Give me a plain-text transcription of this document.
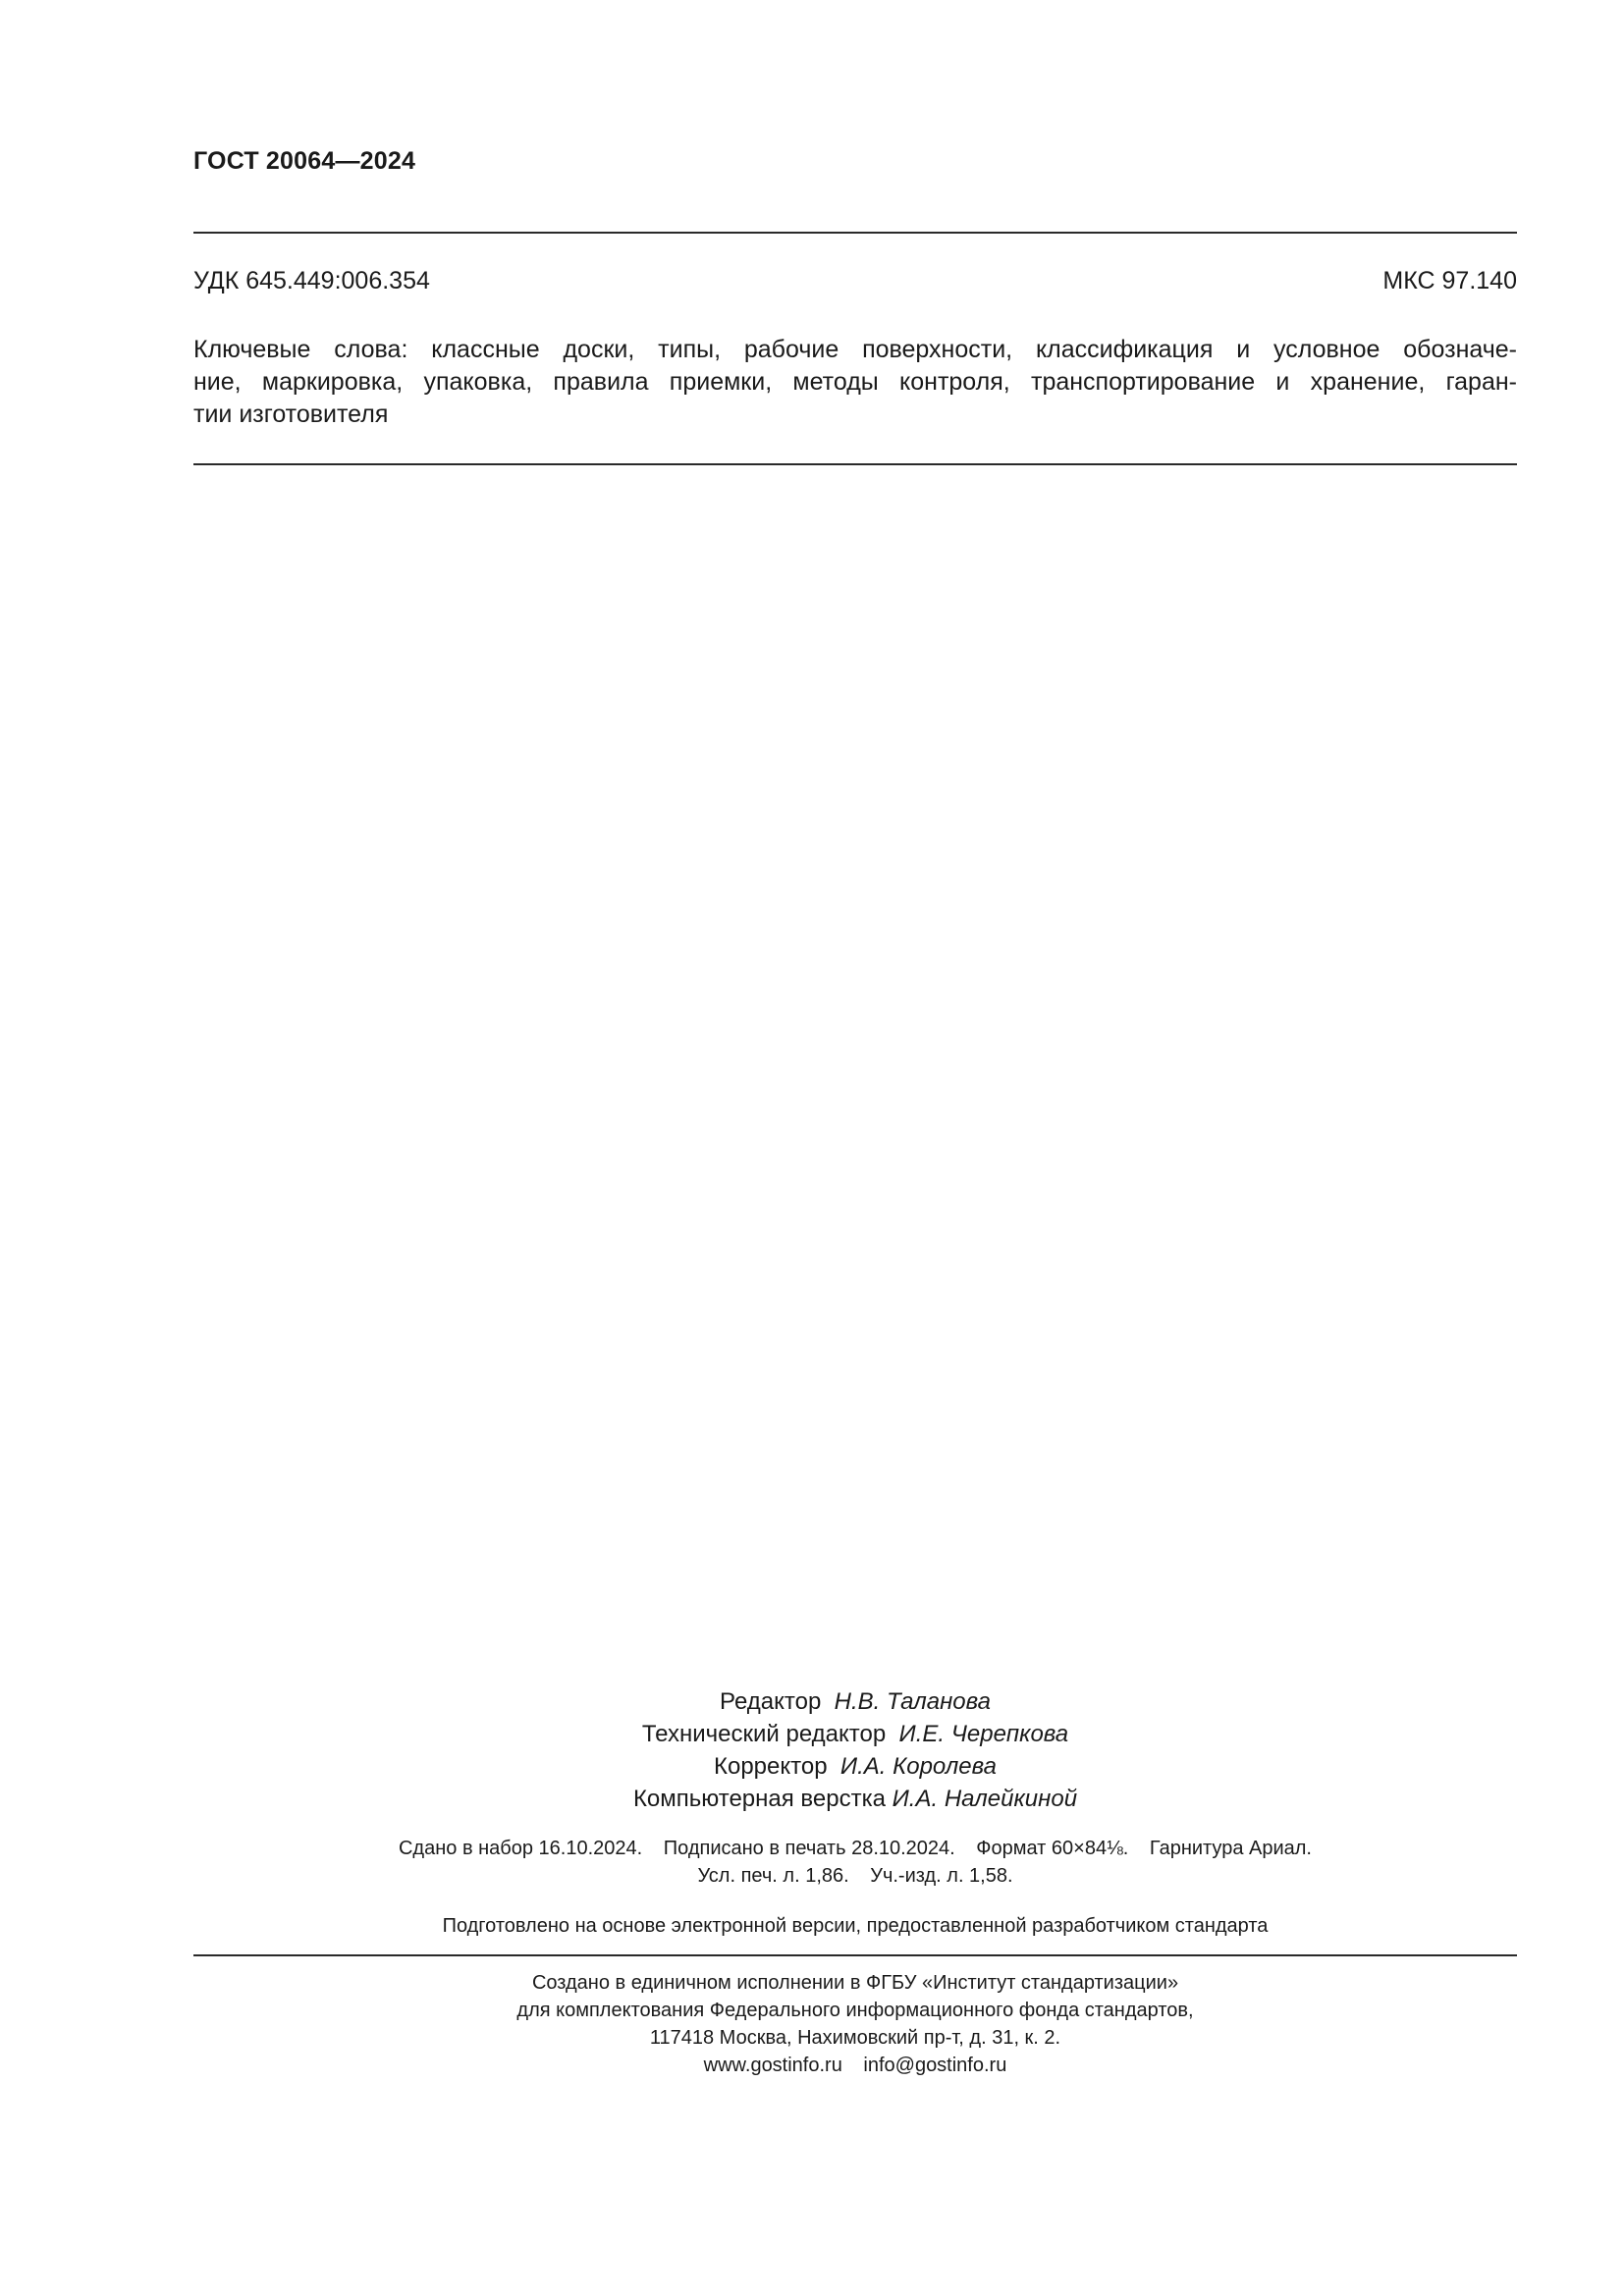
ГОСТ 20064—2024
УДК 645.449:006.354	МКС 97.140
Ключевые слова: классные доски, типы, рабочие поверхности, классификация и условное обозначе-
ние, маркировка, упаковка, правила приемки, методы контроля, транспортирование и хранение, гаран-
тии изготовителя
Редактор Н.В. Таланова
Технический редактор И.Е. Черепкова
Корректор И.А. Королева
Компьютерная верстка И.А. Налейкиной
Сдано в набор 16.10.2024. Подписано в печать 28.10.2024. Формат 60×84⅛. Гарнитура Ариал.
Усл. печ. л. 1,86. Уч.-изд. л. 1,58.
Подготовлено на основе электронной версии, предоставленной разработчиком стандарта
Создано в единичном исполнении в ФГБУ «Институт стандартизации»
для комплектования Федерального информационного фонда стандартов,
117418 Москва, Нахимовский пр-т, д. 31, к. 2.
www.gostinfo.ru info@gostinfo.ru
